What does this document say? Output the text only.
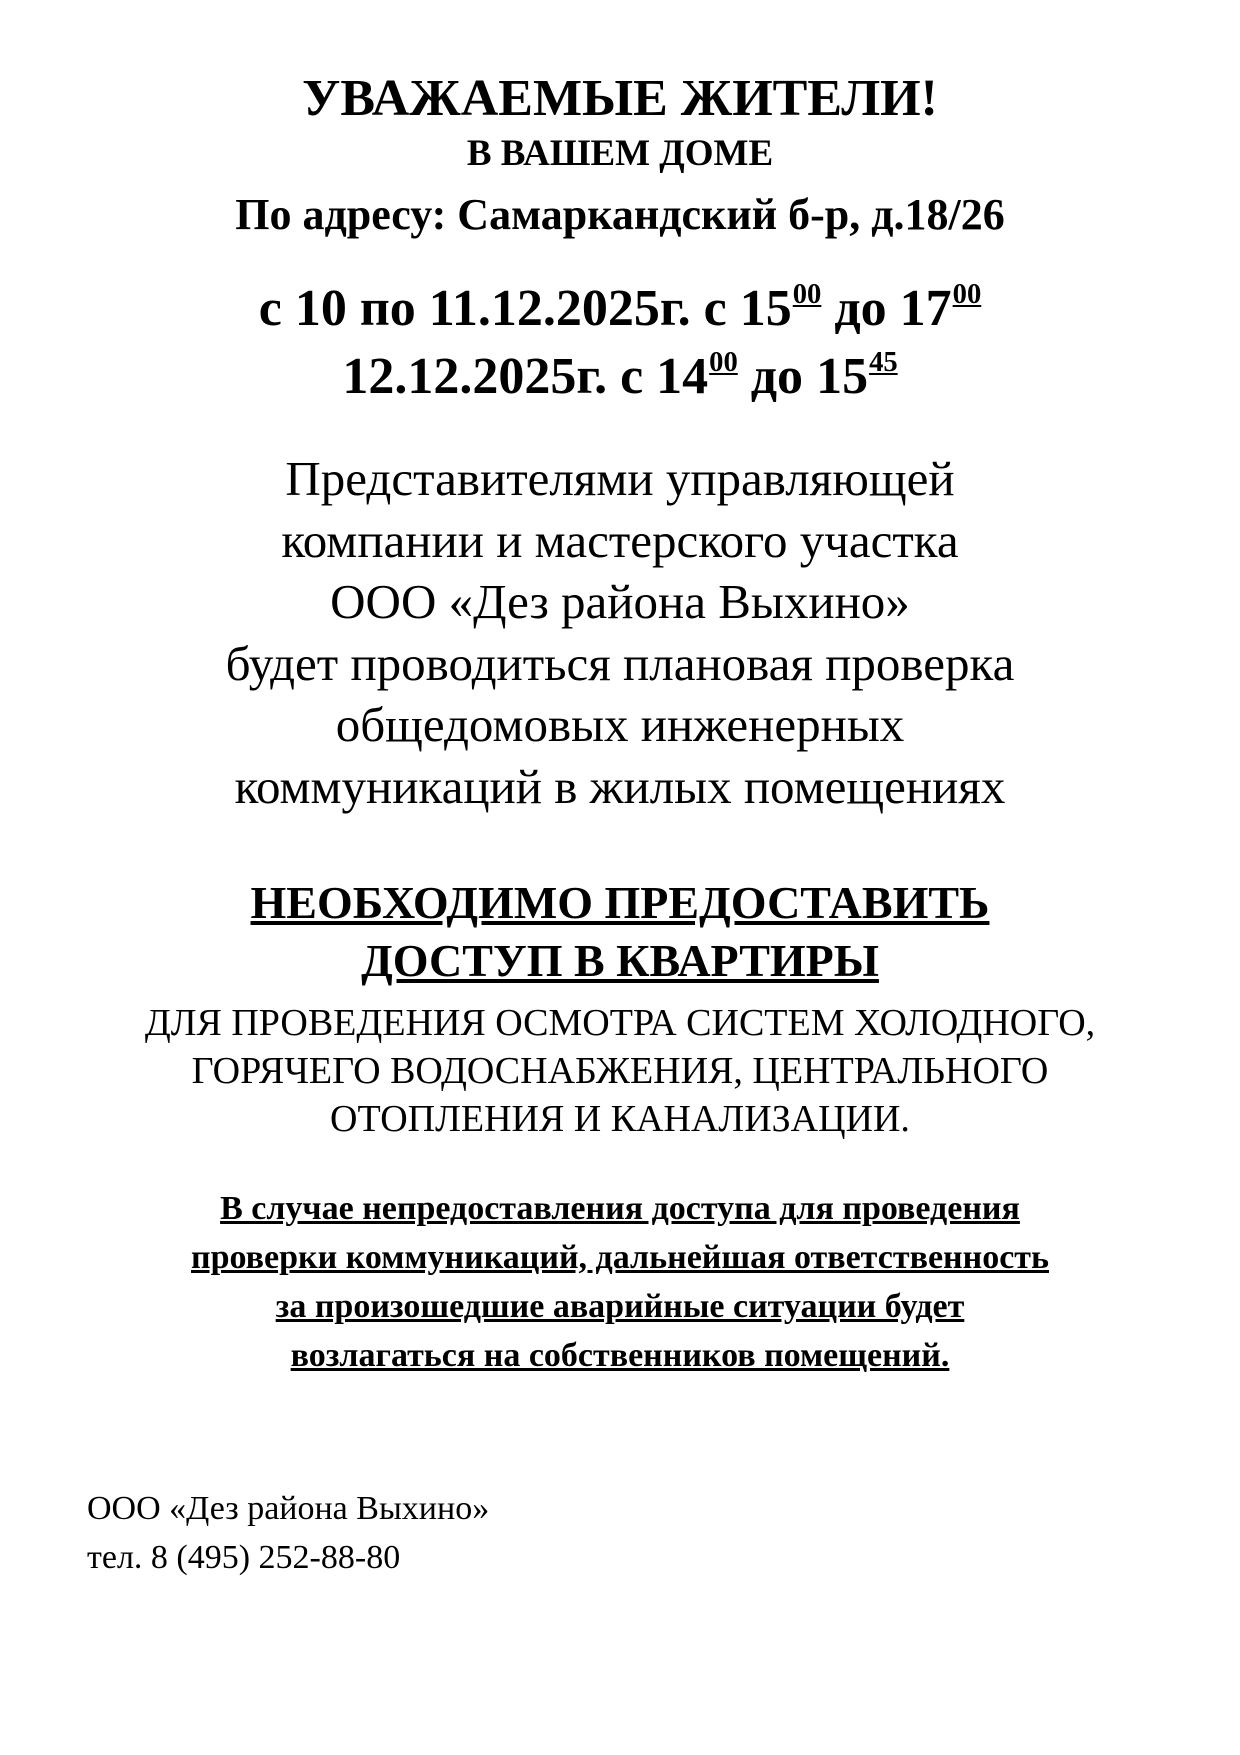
УВАЖАЕМЫЕ ЖИТЕЛИ!
В ВАШЕМ ДОМЕ
По адресу: Самаркандский б-р, д.18/26
с 10 по 11.12.2025г. с $15^{00}$ до $17^{00}$
12.12.2025г. с $14^{00}$ до $15^{45}$
Представителями управляющей
компании и мастерского участка
ООО «Дез района Выхино»
будет проводиться плановая проверка
общедомовых инженерных
коммуникаций в жилых помещениях
НЕОБХОДИМО ПРЕДОСТАВИТЬ
ДОСТУП В КВАРТИРЫ
ДЛЯ ПРОВЕДЕНИЯ ОСМОТРА СИСТЕМ ХОЛОДНОГО,
ГОРЯЧЕГО ВОДОСНАБЖЕНИЯ, ЦЕНТРАЛЬНОГО
ОТОПЛЕНИЯ И КАНАЛИЗАЦИИ.
В случае непредоставления доступа для проведения
проверки коммуникаций, дальнейшая ответственность
за произошедшие аварийные ситуации будет
возлагаться на собственников помещений.
ООО «Дез района Выхино»
тел. 8 (495) 252-88-80
